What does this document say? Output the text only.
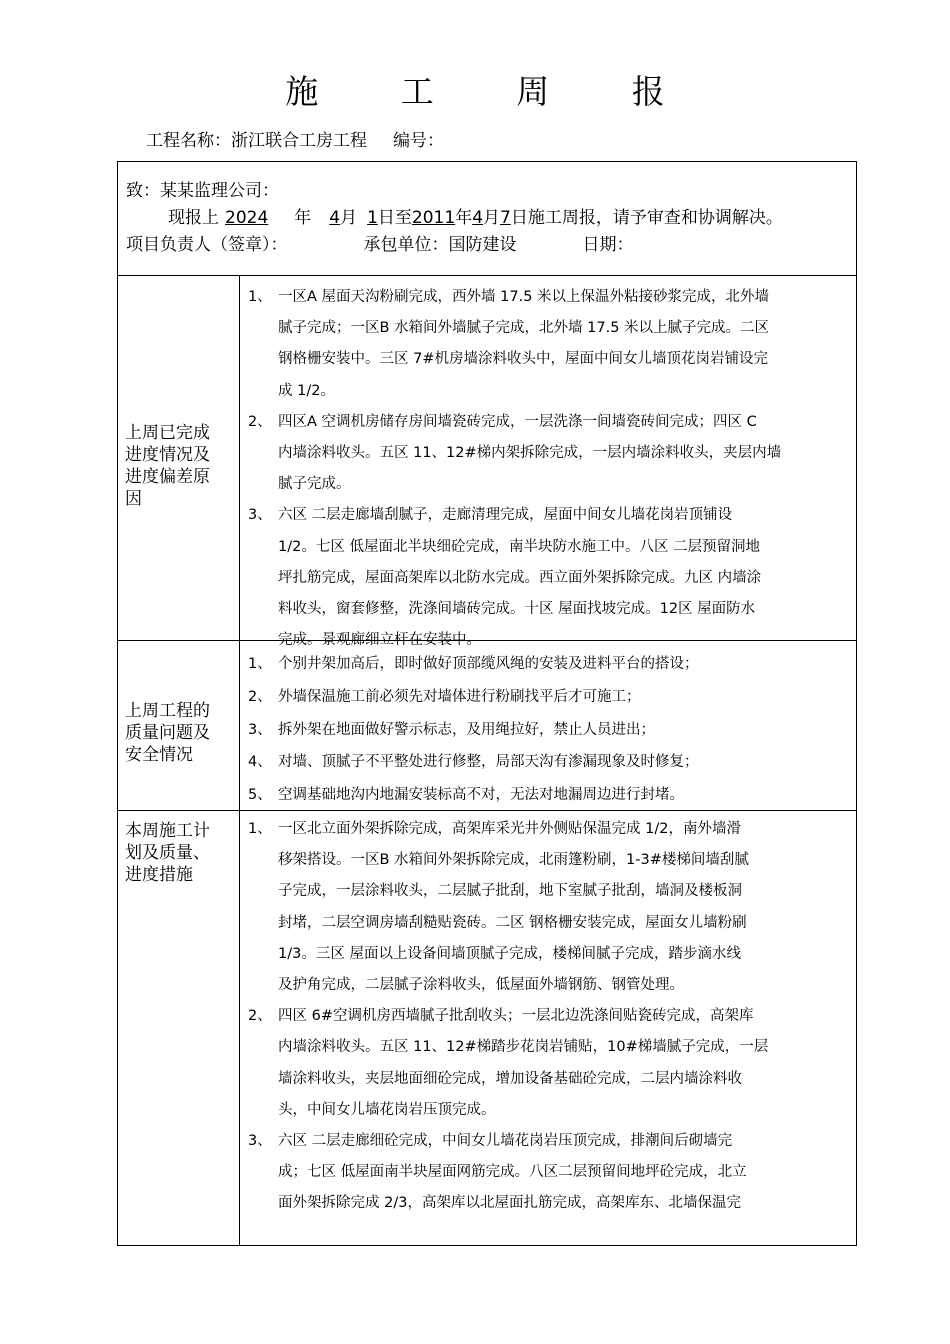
施 工 周 报
工程名称：浙江联合工房工程 编号：
致：某某监理公司：
现报上 2024 年 4月 1日至2011年4月7日施工周报，请予审查和协调解决。
项目负责人（签章）：	承包单位：国防建设	日期：
上周已完成
进度情况及
进度偏差原
因
1、 一区A 屋面天沟粉刷完成，西外墙 17.5 米以上保温外粘接砂浆完成，北外墙
腻子完成；一区B 水箱间外墙腻子完成，北外墙 17.5 米以上腻子完成。二区
钢格栅安装中。三区 7#机房墙涂料收头中，屋面中间女儿墙顶花岗岩铺设完
成 1/2。
2、 四区A 空调机房储存房间墙瓷砖完成，一层洗涤一间墙瓷砖间完成；四区 C
内墙涂料收头。五区 11、12#梯内架拆除完成，一层内墙涂料收头，夹层内墙
腻子完成。
3、 六区 二层走廊墙刮腻子，走廊清理完成，屋面中间女儿墙花岗岩顶铺设
1/2。七区 低屋面北半块细砼完成，南半块防水施工中。八区 二层预留洞地
坪扎筋完成，屋面高架库以北防水完成。西立面外架拆除完成。九区 内墙涂
料收头，窗套修整，洗涤间墙砖完成。十区 屋面找坡完成。12区 屋面防水
完成。景观廊细立杆在安装中。
上周工程的
质量问题及
安全情况
1、 个别井架加高后，即时做好顶部缆风绳的安装及进料平台的搭设；
2、 外墙保温施工前必须先对墙体进行粉刷找平后才可施工；
3、 拆外架在地面做好警示标志，及用绳拉好，禁止人员进出；
4、 对墙、顶腻子不平整处进行修整，局部天沟有渗漏现象及时修复；
5、 空调基础地沟内地漏安装标高不对，无法对地漏周边进行封堵。
本周施工计
划及质量、
进度措施
1、 一区北立面外架拆除完成，高架库采光井外侧贴保温完成 1/2，南外墙滑
移架搭设。一区B 水箱间外架拆除完成，北雨篷粉刷，1-3#楼梯间墙刮腻
子完成，一层涂料收头，二层腻子批刮，地下室腻子批刮，墙洞及楼板洞
封堵，二层空调房墙刮糙贴瓷砖。二区 钢格栅安装完成，屋面女儿墙粉刷
1/3。三区 屋面以上设备间墙顶腻子完成，楼梯间腻子完成，踏步滴水线
及护角完成，二层腻子涂料收头，低屋面外墙钢筋、钢管处理。
2、 四区 6#空调机房西墙腻子批刮收头；一层北边洗涤间贴瓷砖完成，高架库
内墙涂料收头。五区 11、12#梯踏步花岗岩铺贴，10#梯墙腻子完成，一层
墙涂料收头，夹层地面细砼完成，增加设备基础砼完成，二层内墙涂料收
头，中间女儿墙花岗岩压顶完成。
3、 六区 二层走廊细砼完成，中间女儿墙花岗岩压顶完成，排潮间后砌墙完
成；七区 低屋面南半块屋面网筋完成。八区二层预留间地坪砼完成，北立
面外架拆除完成 2/3，高架库以北屋面扎筋完成，高架库东、北墙保温完
